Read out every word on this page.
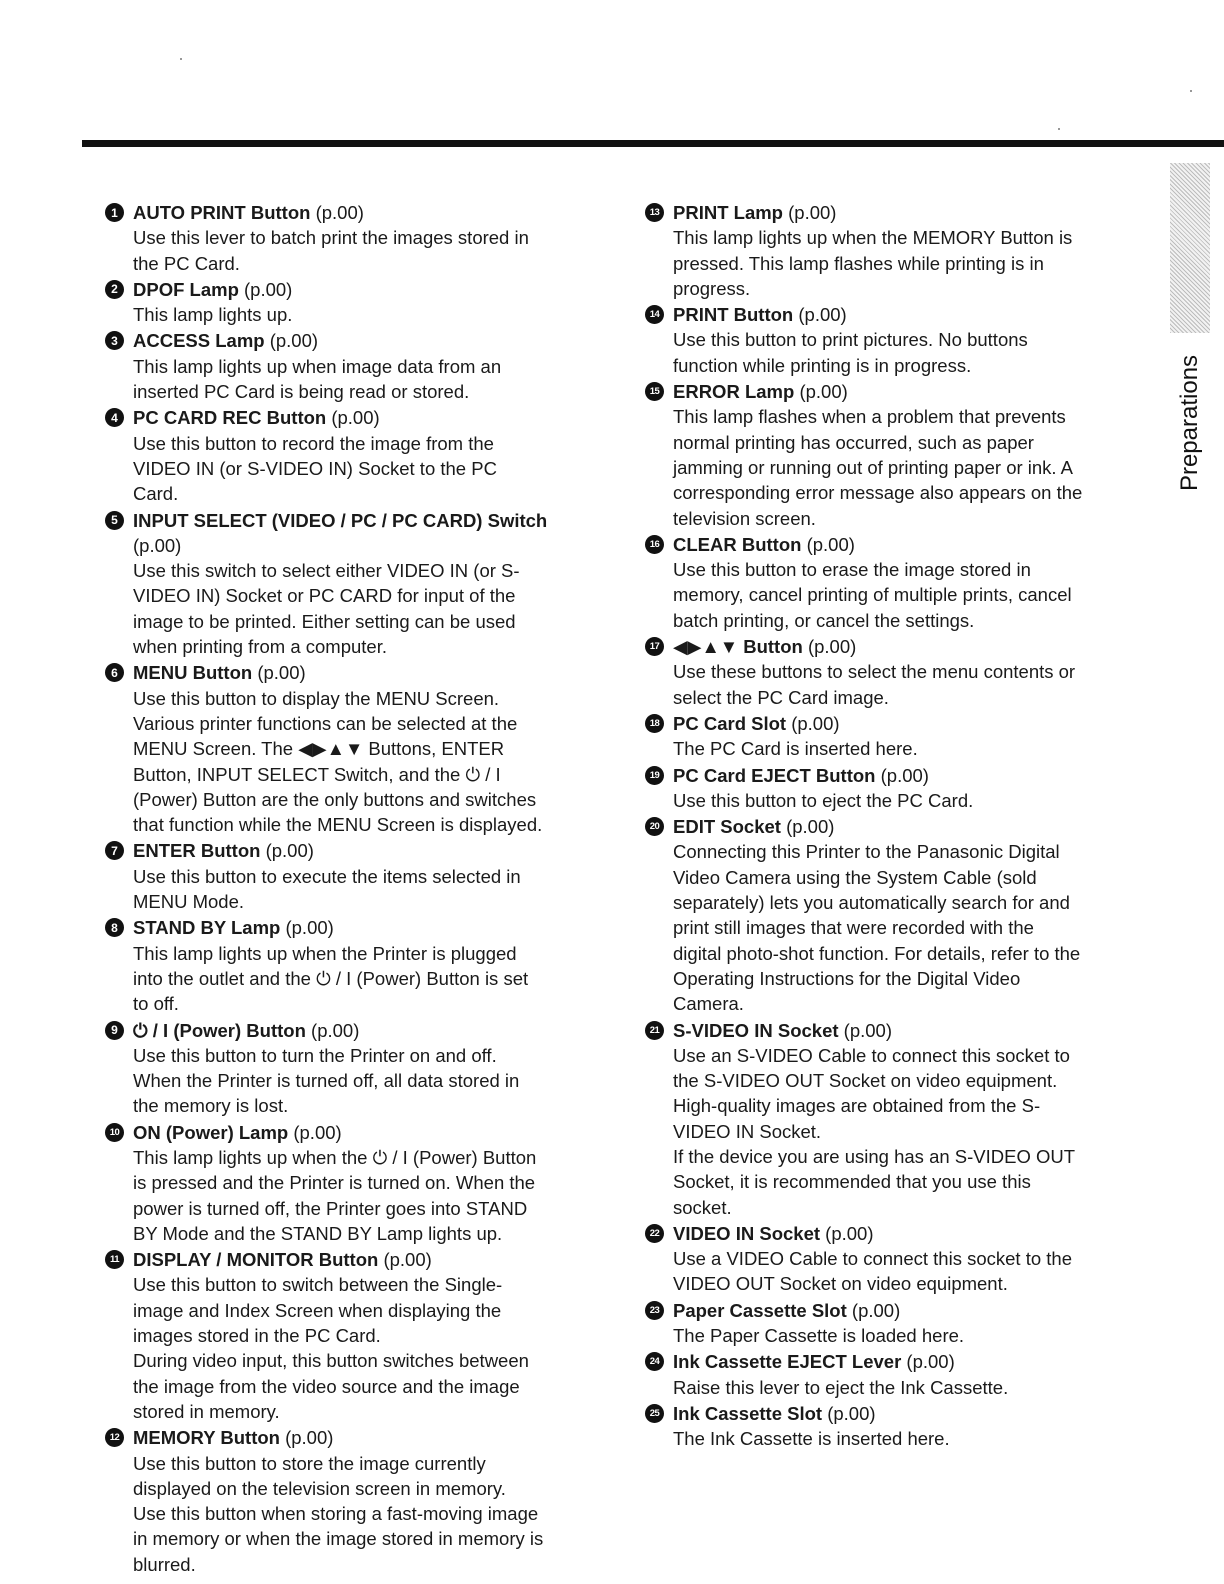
Preparations
1 AUTO PRINT Button (p.00)
Use this lever to batch print the images stored in
the PC Card.
2 DPOF Lamp (p.00)
This lamp lights up.
3 ACCESS Lamp (p.00)
This lamp lights up when image data from an
inserted PC Card is being read or stored.
4 PC CARD REC Button (p.00)
Use this button to record the image from the
VIDEO IN (or S-VIDEO IN) Socket to the PC
Card.
5 INPUT SELECT (VIDEO / PC / PC CARD) Switch (p.00)
Use this switch to select either VIDEO IN (or S-
VIDEO IN) Socket or PC CARD for input of the
image to be printed. Either setting can be used
when printing from a computer.
6 MENU Button (p.00)
Use this button to display the MENU Screen.
Various printer functions can be selected at the
MENU Screen. The ◀▶▲▼ Buttons, ENTER
Button, INPUT SELECT Switch, and the ⏻ / I
(Power) Button are the only buttons and switches
that function while the MENU Screen is displayed.
7 ENTER Button (p.00)
Use this button to execute the items selected in
MENU Mode.
8 STAND BY Lamp (p.00)
This lamp lights up when the Printer is plugged
into the outlet and the ⏻ / I (Power) Button is set
to off.
9 ⏻ / I (Power) Button (p.00)
Use this button to turn the Printer on and off.
When the Printer is turned off, all data stored in
the memory is lost.
10 ON (Power) Lamp (p.00)
This lamp lights up when the ⏻ / I (Power) Button
is pressed and the Printer is turned on. When the
power is turned off, the Printer goes into STAND
BY Mode and the STAND BY Lamp lights up.
11 DISPLAY / MONITOR Button (p.00)
Use this button to switch between the Single-
image and Index Screen when displaying the
images stored in the PC Card.
During video input, this button switches between
the image from the video source and the image
stored in memory.
12 MEMORY Button (p.00)
Use this button to store the image currently
displayed on the television screen in memory.
Use this button when storing a fast-moving image
in memory or when the image stored in memory is
blurred.
13 PRINT Lamp (p.00)
This lamp lights up when the MEMORY Button is
pressed. This lamp flashes while printing is in
progress.
14 PRINT Button (p.00)
Use this button to print pictures. No buttons
function while printing is in progress.
15 ERROR Lamp (p.00)
This lamp flashes when a problem that prevents
normal printing has occurred, such as paper
jamming or running out of printing paper or ink. A
corresponding error message also appears on the
television screen.
16 CLEAR Button (p.00)
Use this button to erase the image stored in
memory, cancel printing of multiple prints, cancel
batch printing, or cancel the settings.
17 ◀▶▲▼ Button (p.00)
Use these buttons to select the menu contents or
select the PC Card image.
18 PC Card Slot (p.00)
The PC Card is inserted here.
19 PC Card EJECT Button (p.00)
Use this button to eject the PC Card.
20 EDIT Socket (p.00)
Connecting this Printer to the Panasonic Digital
Video Camera using the System Cable (sold
separately) lets you automatically search for and
print still images that were recorded with the
digital photo-shot function. For details, refer to the
Operating Instructions for the Digital Video
Camera.
21 S-VIDEO IN Socket (p.00)
Use an S-VIDEO Cable to connect this socket to
the S-VIDEO OUT Socket on video equipment.
High-quality images are obtained from the S-
VIDEO IN Socket.
If the device you are using has an S-VIDEO OUT
Socket, it is recommended that you use this
socket.
22 VIDEO IN Socket (p.00)
Use a VIDEO Cable to connect this socket to the
VIDEO OUT Socket on video equipment.
23 Paper Cassette Slot (p.00)
The Paper Cassette is loaded here.
24 Ink Cassette EJECT Lever (p.00)
Raise this lever to eject the Ink Cassette.
25 Ink Cassette Slot (p.00)
The Ink Cassette is inserted here.
